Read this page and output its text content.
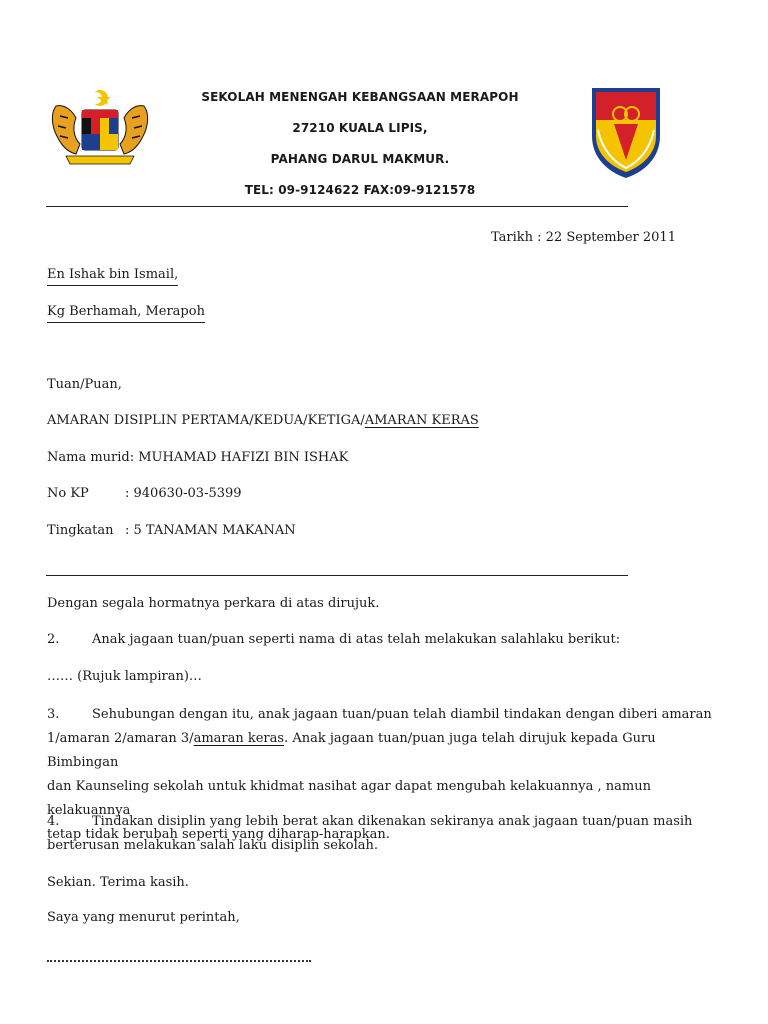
SEKOLAH MENENGAH KEBANGSAAN MERAPOH
27210 KUALA LIPIS,
PAHANG DARUL MAKMUR.
TEL: 09-9124622 FAX:09-9121578
Tarikh : 22 September 2011
En Ishak bin Ismail,
Kg Berhamah, Merapoh
Tuan/Puan,
AMARAN DISIPLIN PERTAMA/KEDUA/KETIGA/AMARAN KERAS
Nama murid: MUHAMAD HAFIZI BIN ISHAK
No KP	: 940630-03-5399
Tingkatan : 5 TANAMAN MAKANAN
Dengan segala hormatnya perkara di atas dirujuk.
2.	Anak jagaan tuan/puan seperti nama di atas telah melakukan salahlaku berikut:
…… (Rujuk lampiran)…
3.	Sehubungan dengan itu, anak jagaan tuan/puan telah diambil tindakan dengan diberi amaran
1/amaran 2/amaran 3/amaran keras. Anak jagaan tuan/puan juga telah dirujuk kepada Guru Bimbingan
dan Kaunseling sekolah untuk khidmat nasihat agar dapat mengubah kelakuannya , namun kelakuannya
tetap tidak berubah seperti yang diharap-harapkan.
4.	Tindakan disiplin yang lebih berat akan dikenakan sekiranya anak jagaan tuan/puan masih
berterusan melakukan salah laku disiplin sekolah.
Sekian. Terima kasih.
Saya yang menurut perintah,
